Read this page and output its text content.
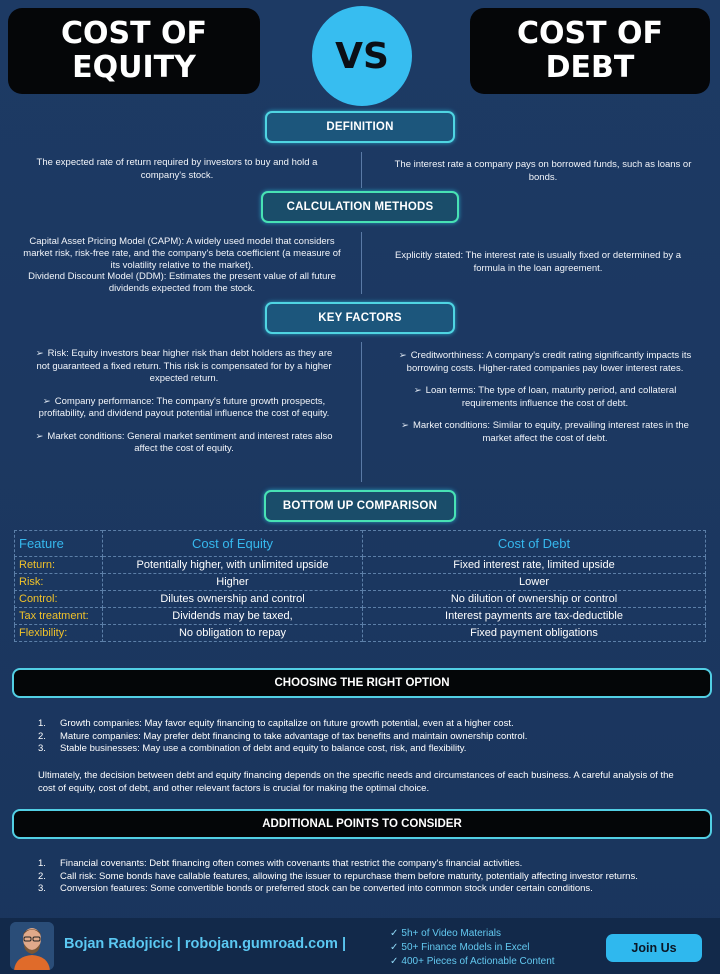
COST OF
EQUITY	VS
COST OF
DEBT
DEFINITION
The expected rate of return required by investors to buy and hold a company's stock.
The interest rate a company pays on borrowed funds, such as loans or bonds.
CALCULATION METHODS
Capital Asset Pricing Model (CAPM): A widely used model that considers market risk, risk-free rate, and the company's beta coefficient (a measure of its volatility relative to the market).
Dividend Discount Model (DDM): Estimates the present value of all future dividends expected from the stock.
Explicitly stated: The interest rate is usually fixed or determined by a formula in the loan agreement.
KEY FACTORS
➢ Risk: Equity investors bear higher risk than debt holders as they are not guaranteed a fixed return. This risk is compensated for by a higher expected return.
➢ Company performance: The company's future growth prospects, profitability, and dividend payout potential influence the cost of equity.
➢ Market conditions: General market sentiment and interest rates also affect the cost of equity.
➢ Creditworthiness: A company's credit rating significantly impacts its borrowing costs. Higher-rated companies pay lower interest rates.
➢ Loan terms: The type of loan, maturity period, and collateral requirements influence the cost of debt.
➢ Market conditions: Similar to equity, prevailing interest rates in the market affect the cost of debt.
BOTTOM UP COMPARISON
Feature	Cost of Equity	Cost of Debt
Return:	Potentially higher, with unlimited upside	Fixed interest rate, limited upside
Risk:	Higher	Lower
Control:	Dilutes ownership and control	No dilution of ownership or control
Tax treatment:	Dividends may be taxed,	Interest payments are tax-deductible
Flexibility:	No obligation to repay	Fixed payment obligations
CHOOSING THE RIGHT OPTION
1.	Growth companies: May favor equity financing to capitalize on future growth potential, even at a higher cost.
2.	Mature companies: May prefer debt financing to take advantage of tax benefits and maintain ownership control.
3.	Stable businesses: May use a combination of debt and equity to balance cost, risk, and flexibility.
Ultimately, the decision between debt and equity financing depends on the specific needs and circumstances of each business. A careful analysis of the cost of equity, cost of debt, and other relevant factors is crucial for making the optimal choice.
ADDITIONAL POINTS TO CONSIDER
1.	Financial covenants: Debt financing often comes with covenants that restrict the company's financial activities.
2.	Call risk: Some bonds have callable features, allowing the issuer to repurchase them before maturity, potentially affecting investor returns.
3.	Conversion features: Some convertible bonds or preferred stock can be converted into common stock under certain conditions.
Bojan Radojicic | robojan.gumroad.com |
✓ 5h+ of Video Materials
✓ 50+ Finance Models in Excel
✓ 400+ Pieces of Actionable Content
Join Us
